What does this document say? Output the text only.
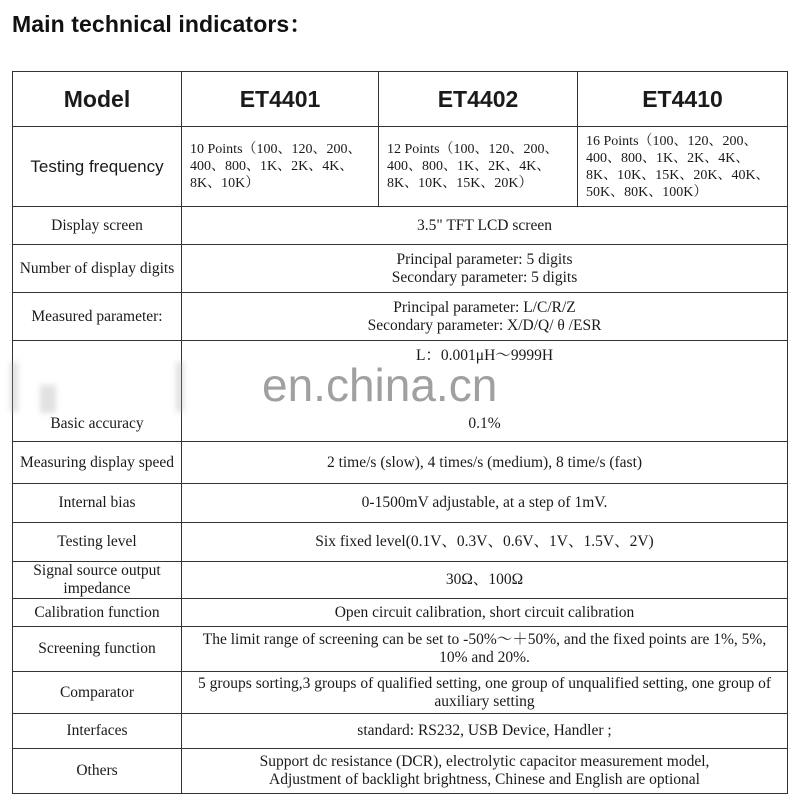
Main technical indicators：
Model	ET4401	ET4402	ET4410
Testing frequency	10 Points（100、120、200、400、800、1K、2K、4K、8K、10K）	12 Points（100、120、200、400、800、1K、2K、4K、8K、10K、15K、20K）	16 Points（100、120、200、400、800、1K、2K、4K、8K、10K、15K、20K、40K、50K、80K、100K）
Display screen	3.5" TFT LCD screen		
Number of display digits	Principal parameter: 5 digits
Secondary parameter: 5 digits		

Measured parameter:	Principal parameter: L/C/R/Z
Secondary parameter: X/D/Q/ θ /ESR		

Basic accuracy	L：0.001μH～9999H
0.1%		

Measuring display speed	2 time/s (slow), 4 times/s (medium), 8 time/s (fast)		
Internal bias	0-1500mV adjustable, at a step of 1mV.		
Testing level	Six fixed level(0.1V、0.3V、0.6V、1V、1.5V、2V)		
Signal source output impedance	30Ω、100Ω		
Calibration function	Open circuit calibration, short circuit calibration		
Screening function	The limit range of screening can be set to -50%～＋50%, and the fixed points are 1%, 5%, 10% and 20%.		
Comparator	5 groups sorting,3 groups of qualified setting, one group of unqualified setting, one group of auxiliary setting		
Interfaces	standard: RS232, USB Device, Handler ;		
Others	Support dc resistance (DCR), electrolytic capacitor measurement model,
Adjustment of backlight brightness, Chinese and English are optional		
en.china.cn
